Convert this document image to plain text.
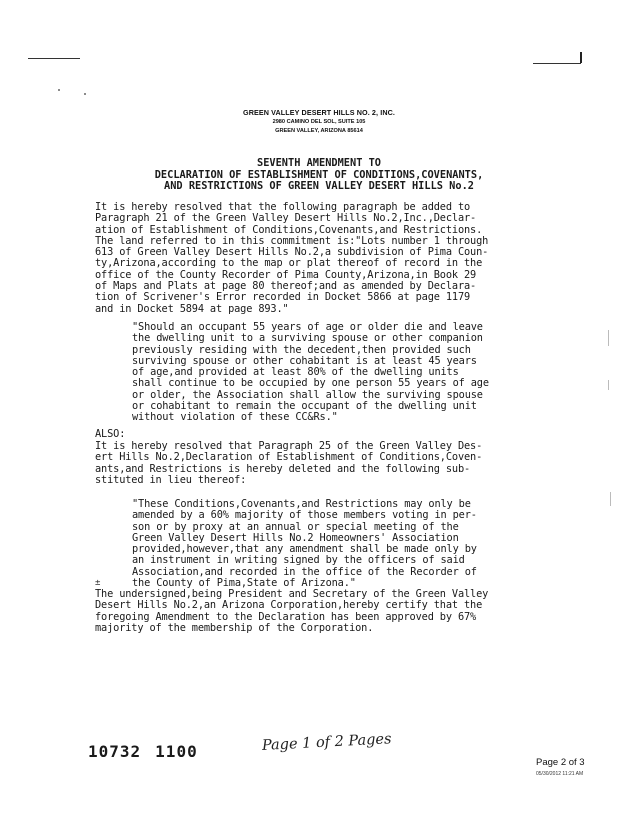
GREEN VALLEY DESERT HILLS NO. 2, INC.
2980 CAMINO DEL SOL, SUITE 105
GREEN VALLEY, ARIZONA 85614
SEVENTH AMENDMENT TO
DECLARATION OF ESTABLISHMENT OF CONDITIONS,COVENANTS,
AND RESTRICTIONS OF GREEN VALLEY DESERT HILLS No.2
It is hereby resolved that the following paragraph be added to
Paragraph 21 of the Green Valley Desert Hills No.2,Inc.,Declar-
ation of Establishment of Conditions,Covenants,and Restrictions.
The land referred to in this commitment is:"Lots number 1 through
613 of Green Valley Desert Hills No.2,a subdivision of Pima Coun-
ty,Arizona,according to the map or plat thereof of record in the
office of the County Recorder of Pima County,Arizona,in Book 29
of Maps and Plats at page 80 thereof;and as amended by Declara-
tion of Scrivener's Error recorded in Docket 5866 at page 1179
and in Docket 5894 at page 893."
"Should an occupant 55 years of age or older die and leave
the dwelling unit to a surviving spouse or other companion
previously residing with the decedent,then provided such
surviving spouse or other cohabitant is at least 45 years
of age,and provided at least 80% of the dwelling units
shall continue to be occupied by one person 55 years of age
or older, the Association shall allow the surviving spouse
or cohabitant to remain the occupant of the dwelling unit
without violation of these CC&Rs."
ALSO:
It is hereby resolved that Paragraph 25 of the Green Valley Des-
ert Hills No.2,Declaration of Establishment of Conditions,Coven-
ants,and Restrictions is hereby deleted and the following sub-
stituted in lieu thereof:
"These Conditions,Covenants,and Restrictions may only be
amended by a 60% majority of those members voting in per-
son or by proxy at an annual or special meeting of the
Green Valley Desert Hills No.2 Homeowners' Association
provided,however,that any amendment shall be made only by
an instrument in writing signed by the officers of said
Association,and recorded in the office of the Recorder of
the County of Pima,State of Arizona."
±
The undersigned,being President and Secretary of the Green Valley
Desert Hills No.2,an Arizona Corporation,hereby certify that the
foregoing Amendment to the Declaration has been approved by 67%
majority of the membership of the Corporation.
10732 1100	Page 1 of 2 Pages
Page 2 of 3
05/30/2012 11:21 AM
